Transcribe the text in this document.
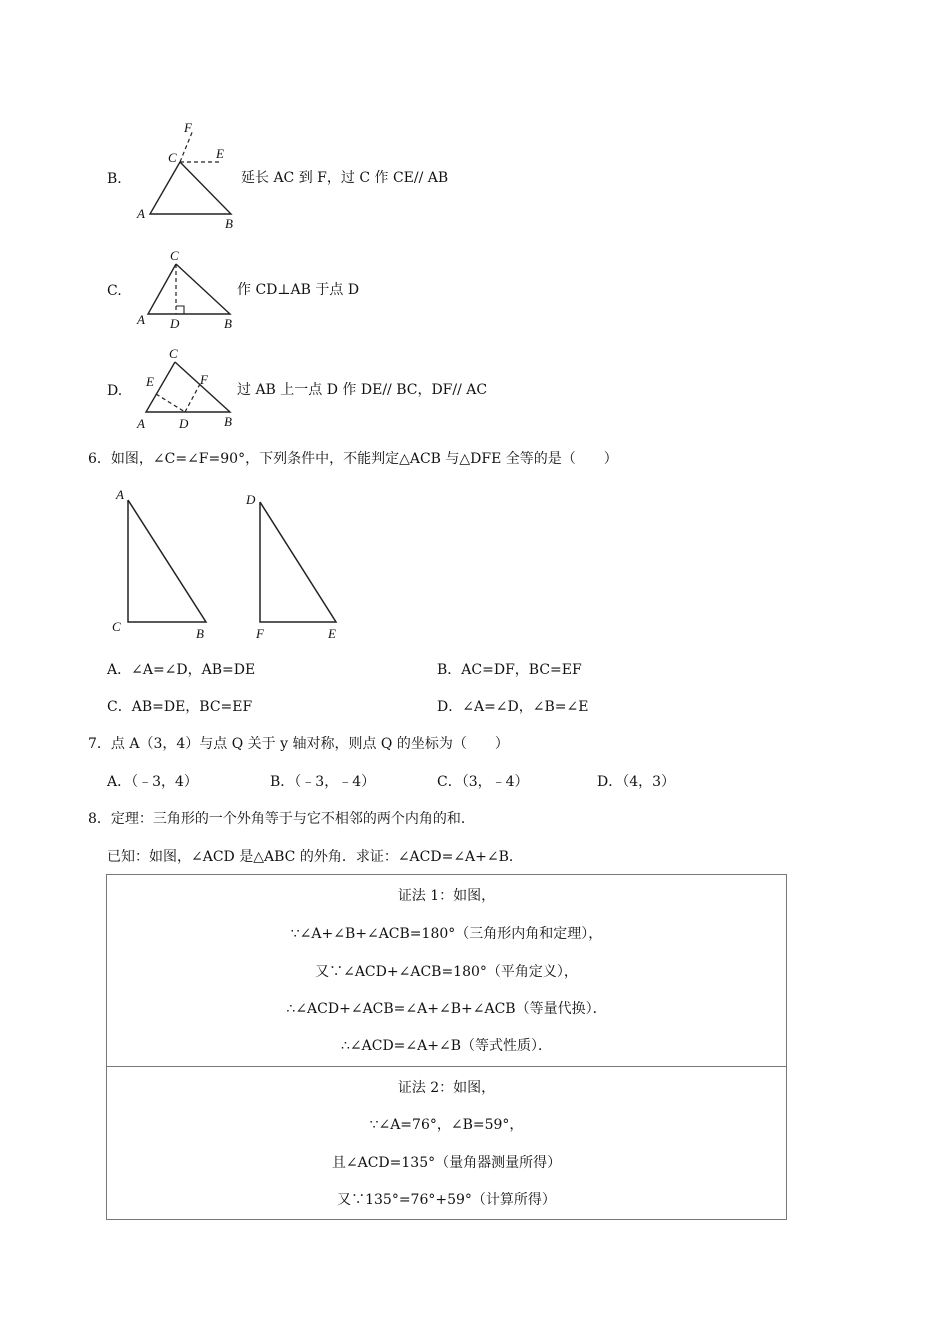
B.
F
C	E
A
B
延长 AC 到 F，过 C 作 CE// AB
C.
C
A D	B
作 CD⊥AB 于点 D
D.
C
E	F
A	D	B
过 AB 上一点 D 作 DE// BC，DF// AC
6．如图，∠C=∠F=90°，下列条件中，不能判定△ACB 与△DFE 全等的是（　　）
A
C	B
D
F	E
A．∠A=∠D，AB=DE	B．AC=DF，BC=EF
C．AB=DE，BC=EF	D．∠A=∠D，∠B=∠E
7．点 A（3，4）与点 Q 关于 y 轴对称，则点 Q 的坐标为（　　）
A．（﹣3，4）	B．（﹣3，﹣4）	C．（3，﹣4）	D．（4，3）
8．定理：三角形的一个外角等于与它不相邻的两个内角的和．
已知：如图，∠ACD 是△ABC 的外角．求证：∠ACD=∠A+∠B．
证法 1：如图，
∵∠A+∠B+∠ACB=180°（三角形内角和定理），
又∵∠ACD+∠ACB=180°（平角定义），
∴∠ACD+∠ACB=∠A+∠B+∠ACB（等量代换）．
∴∠ACD=∠A+∠B（等式性质）．
证法 2：如图，
∵∠A=76°，∠B=59°，
且∠ACD=135°（量角器测量所得）
又∵135°=76°+59°（计算所得）
